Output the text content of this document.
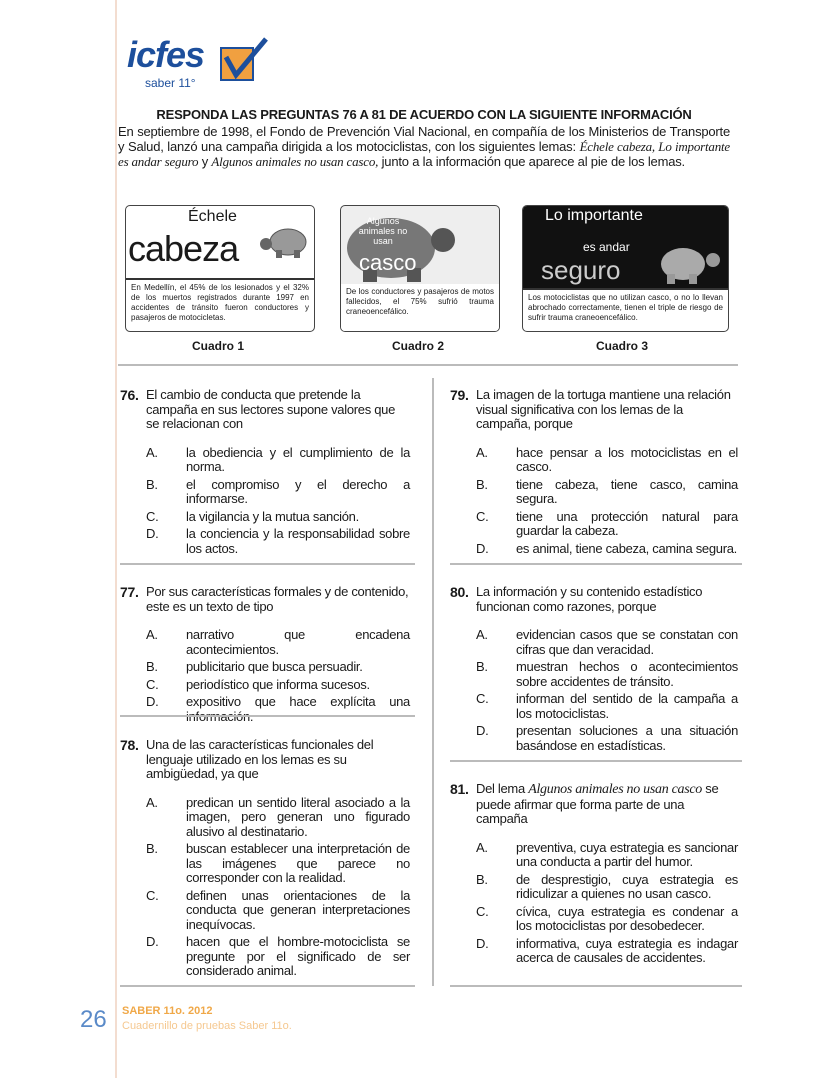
icfes
saber 11°
RESPONDA LAS PREGUNTAS 76 A 81 DE ACUERDO CON LA SIGUIENTE INFORMACIÓN
En septiembre de 1998, el Fondo de Prevención Vial Nacional, en compañía de los Ministerios de Transporte y Salud, lanzó una campaña dirigida a los motociclistas, con los siguientes lemas: Échele cabeza, Lo importante es andar seguro y Algunos animales no usan casco, junto a la información que aparece al pie de los lemas.
Échele
cabeza
En Medellín, el 45% de los lesionados y el 32% de los muertos registrados durante 1997 en accidentes de tránsito fueron conductores y pasajeros de motocicletas.
Algunos animales no usan
casco
De los conductores y pasajeros de motos fallecidos, el 75% sufrió trauma craneoencefálico.
Lo importante
es andar
seguro
Los motociclistas que no utilizan casco, o no lo llevan abrochado correctamente, tienen el triple de riesgo de sufrir trauma craneoencefálico.
Cuadro 1	Cuadro 2	Cuadro 3
76. El cambio de conducta que pretende la campaña en sus lectores supone valores que se relacionan con
A.	la obediencia y el cumplimiento de la norma.
B.	el compromiso y el derecho a informarse.
C.	la vigilancia y la mutua sanción.
D.	la conciencia y la responsabilidad sobre los actos.
77. Por sus características formales y de contenido, este es un texto de tipo
A.	narrativo que encadena acontecimientos.
B.	publicitario que busca persuadir.
C.	periodístico que informa sucesos.
D.	expositivo que hace explícita una
78. Una de las características funcionales del lenguaje utilizado en los lemas es su ambigüedad, ya que
A.	predican un sentido literal asociado a la imagen, pero generan uno figurado alusivo al destinatario.
B.	buscan establecer una interpretación de las imágenes que parece no corresponder con la realidad.
C.	definen unas orientaciones de la conducta que generan interpretaciones inequívocas.
D.	hacen que el hombre-motociclista se pregunte por el significado de ser considerado animal.
79. La imagen de la tortuga mantiene una relación visual significativa con los lemas de la campaña, porque
A.	hace pensar a los motociclistas en el casco.
B.	tiene cabeza, tiene casco, camina segura.
C.	tiene una protección natural para guardar la cabeza.
D.	es animal, tiene cabeza, camina segura.
80. La información y su contenido estadístico funcionan como razones, porque
A.	evidencian casos que se constatan con cifras que dan veracidad.
B.	muestran hechos o acontecimientos sobre accidentes de tránsito.
C.	informan del sentido de la campaña a los motociclistas.
D.	presentan soluciones a una situación basándose en estadísticas.
81. Del lema Algunos animales no usan casco se puede afirmar que forma parte de una campaña
A.	preventiva, cuya estrategia es sancionar una conducta a partir del humor.
B.	de desprestigio, cuya estrategia es ridiculizar a quienes no usan casco.
C.	cívica, cuya estrategia es condenar a los motociclistas por desobedecer.
D.	informativa, cuya estrategia es indagar acerca de causales de accidentes.
26 SABER 11o. 2012
Cuadernillo de pruebas Saber 11o.
